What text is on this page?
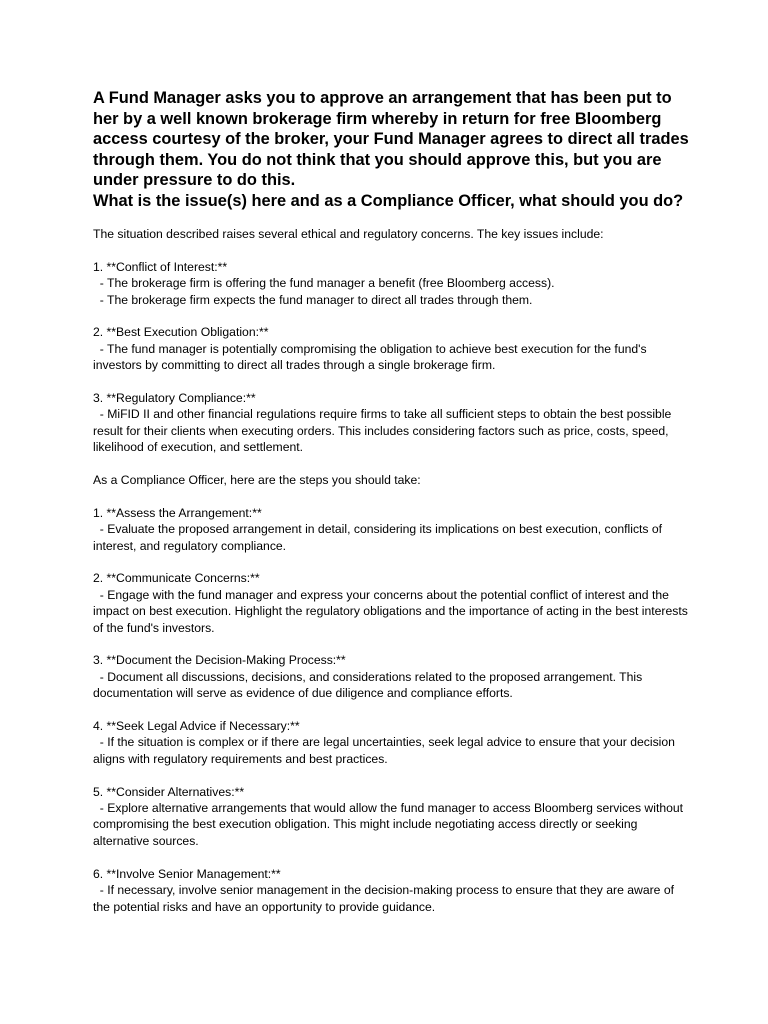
A Fund Manager asks you to approve an arrangement that has been put to her by a well known brokerage firm whereby in return for free Bloomberg access courtesy of the broker, your Fund Manager agrees to direct all trades through them. You do not think that you should approve this, but you are under pressure to do this.
What is the issue(s) here and as a Compliance Officer, what should you do?

The situation described raises several ethical and regulatory concerns. The key issues include:

1. **Conflict of Interest:**
- The brokerage firm is offering the fund manager a benefit (free Bloomberg access).
- The brokerage firm expects the fund manager to direct all trades through them.
2. **Best Execution Obligation:**
- The fund manager is potentially compromising the obligation to achieve best execution for the fund's investors by committing to direct all trades through a single brokerage firm.
3. **Regulatory Compliance:**
- MiFID II and other financial regulations require firms to take all sufficient steps to obtain the best possible result for their clients when executing orders. This includes considering factors such as price, costs, speed, likelihood of execution, and settlement.

As a Compliance Officer, here are the steps you should take:

1. **Assess the Arrangement:**
- Evaluate the proposed arrangement in detail, considering its implications on best execution, conflicts of interest, and regulatory compliance.
2. **Communicate Concerns:**
- Engage with the fund manager and express your concerns about the potential conflict of interest and the impact on best execution. Highlight the regulatory obligations and the importance of acting in the best interests of the fund's investors.
3. **Document the Decision-Making Process:**
- Document all discussions, decisions, and considerations related to the proposed arrangement. This documentation will serve as evidence of due diligence and compliance efforts.
4. **Seek Legal Advice if Necessary:**
- If the situation is complex or if there are legal uncertainties, seek legal advice to ensure that your decision aligns with regulatory requirements and best practices.
5. **Consider Alternatives:**
- Explore alternative arrangements that would allow the fund manager to access Bloomberg services without compromising the best execution obligation. This might include negotiating access directly or seeking alternative sources.
6. **Involve Senior Management:**
- If necessary, involve senior management in the decision-making process to ensure that they are aware of the potential risks and have an opportunity to provide guidance.
